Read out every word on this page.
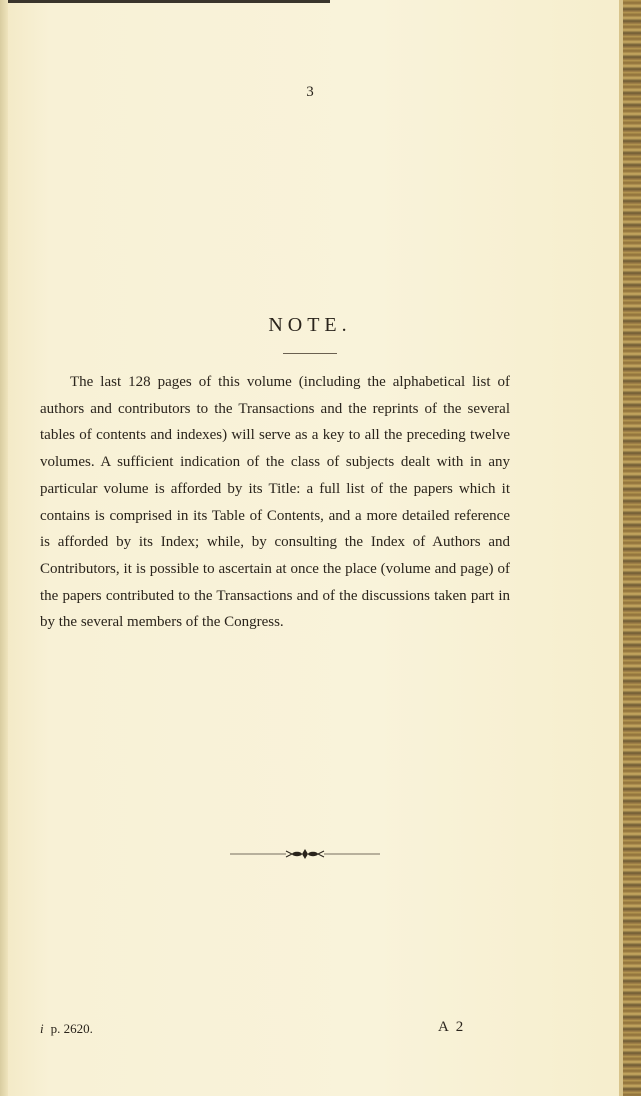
3
NOTE.

The last 128 pages of this volume (including the alphabetical list of authors and contributors to the Transactions and the reprints of the several tables of contents and indexes) will serve as a key to all the preceding twelve volumes. A sufficient indication of the class of subjects dealt with in any particular volume is afforded by its Title: a full list of the papers which it contains is comprised in its Table of Contents, and a more detailed reference is afforded by its Index; while, by consulting the Index of Authors and Contributors, it is possible to ascertain at once the place (volume and page) of the papers contributed to the Transactions and of the discussions taken part in by the several members of the Congress.

i p. 2620.	A 2
